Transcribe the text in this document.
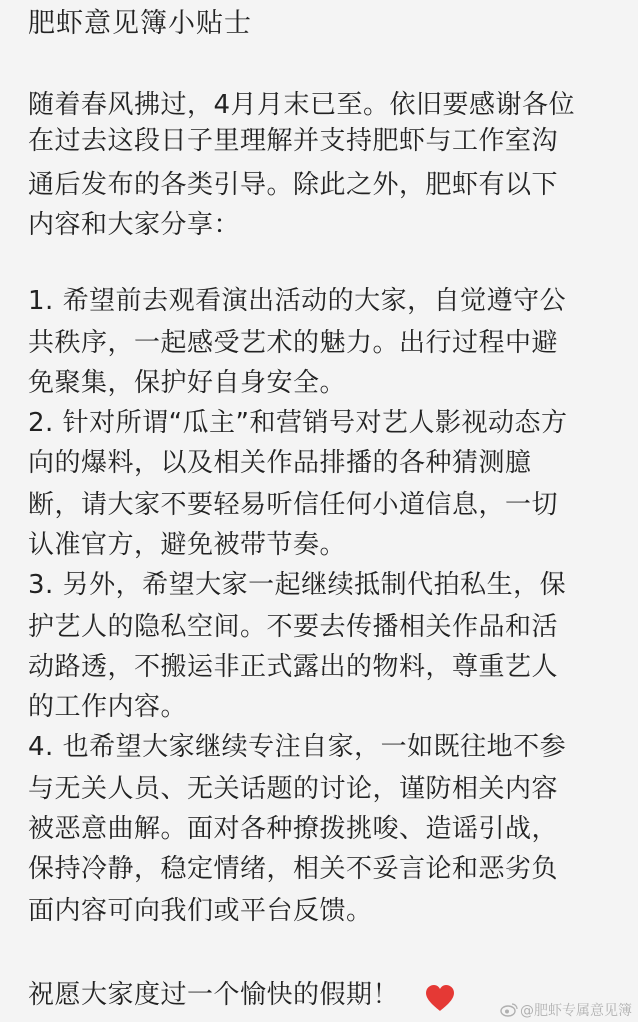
肥虾意见簿小贴士
随着春风拂过，4月月末已至。依旧要感谢各位
在过去这段日子里理解并支持肥虾与工作室沟
通后发布的各类引导。除此之外，肥虾有以下
内容和大家分享：
1. 希望前去观看演出活动的大家，自觉遵守公
共秩序，一起感受艺术的魅力。出行过程中避
免聚集，保护好自身安全。
2. 针对所谓“瓜主”和营销号对艺人影视动态方
向的爆料，以及相关作品排播的各种猜测臆
断，请大家不要轻易听信任何小道信息，一切
认准官方，避免被带节奏。
3. 另外，希望大家一起继续抵制代拍私生，保
护艺人的隐私空间。不要去传播相关作品和活
动路透，不搬运非正式露出的物料，尊重艺人
的工作内容。
4. 也希望大家继续专注自家，一如既往地不参
与无关人员、无关话题的讨论，谨防相关内容
被恶意曲解。面对各种撩拨挑唆、造谣引战，
保持冷静，稳定情绪，相关不妥言论和恶劣负
面内容可向我们或平台反馈。
祝愿大家度过一个愉快的假期！
@肥虾专属意见簿
